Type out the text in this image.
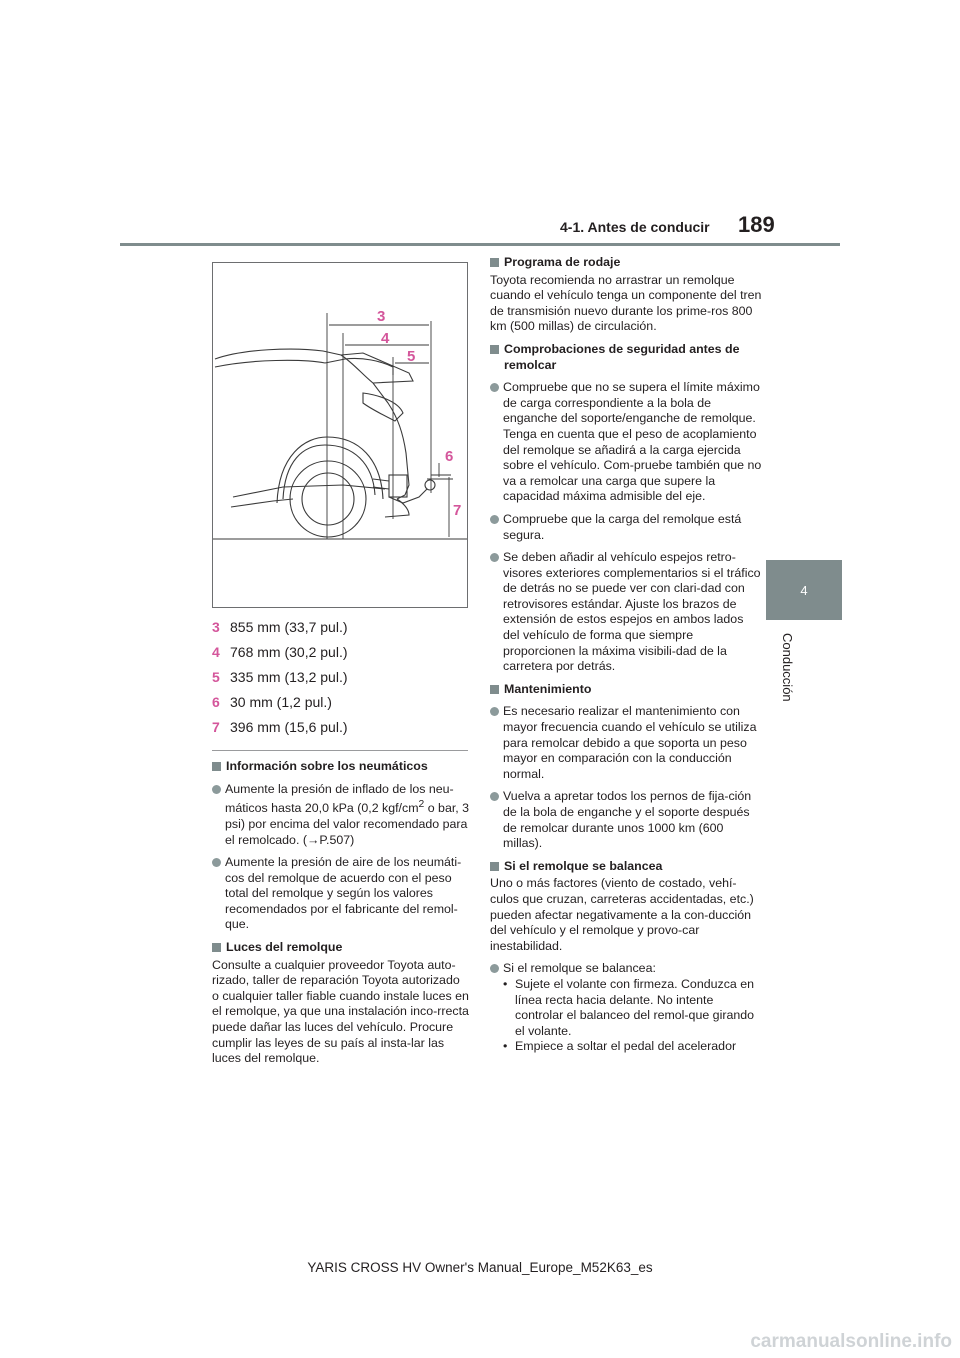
4-1. Antes de conducir 189
4
Conducción
3
4
5
6
7
3 855 mm (33,7 pul.)
4 768 mm (30,2 pul.)
5 335 mm (13,2 pul.)
6 30 mm (1,2 pul.)
7 396 mm (15,6 pul.)
Información sobre los neumáticos
Aumente la presión de inflado de los neu-máticos hasta 20,0 kPa (0,2 kgf/$cm^2$ o bar, 3 psi) por encima del valor recomendado para el remolcado. (→P.507)
Aumente la presión de aire de los neumáti-cos del remolque de acuerdo con el peso total del remolque y según los valores recomendados por el fabricante del remol-que.
Luces del remolque
Consulte a cualquier proveedor Toyota auto-rizado, taller de reparación Toyota autorizado o cualquier taller fiable cuando instale luces en el remolque, ya que una instalación inco-rrecta puede dañar las luces del vehículo. Procure cumplir las leyes de su país al insta-lar las luces del remolque.
Programa de rodaje
Toyota recomienda no arrastrar un remolque cuando el vehículo tenga un componente del tren de transmisión nuevo durante los prime-ros 800 km (500 millas) de circulación.
Comprobaciones de seguridad antes de remolcar
Compruebe que no se supera el límite máximo de carga correspondiente a la bola de enganche del soporte/enganche de remolque. Tenga en cuenta que el peso de acoplamiento del remolque se añadirá a la carga ejercida sobre el vehículo. Com-pruebe también que no va a remolcar una carga que supere la capacidad máxima admisible del eje.
Compruebe que la carga del remolque está segura.
Se deben añadir al vehículo espejos retro-visores exteriores complementarios si el tráfico de detrás no se puede ver con clari-dad con retrovisores estándar. Ajuste los brazos de extensión de estos espejos en ambos lados del vehículo de forma que siempre proporcionen la máxima visibili-dad de la carretera por detrás.
Mantenimiento
Es necesario realizar el mantenimiento con mayor frecuencia cuando el vehículo se utiliza para remolcar debido a que soporta un peso mayor en comparación con la conducción normal.
Vuelva a apretar todos los pernos de fija-ción de la bola de enganche y el soporte después de remolcar durante unos 1000 km (600 millas).
Si el remolque se balancea
Uno o más factores (viento de costado, vehí-culos que cruzan, carreteras accidentadas, etc.) pueden afectar negativamente a la con-ducción del vehículo y el remolque y provo-car inestabilidad.
Si el remolque se balancea:
• Sujete el volante con firmeza. Conduzca en línea recta hacia delante. No intente controlar el balanceo del remol-que girando el volante.
• Empiece a soltar el pedal del acelerador
YARIS CROSS HV Owner's Manual_Europe_M52K63_es
carmanualsonline.info
